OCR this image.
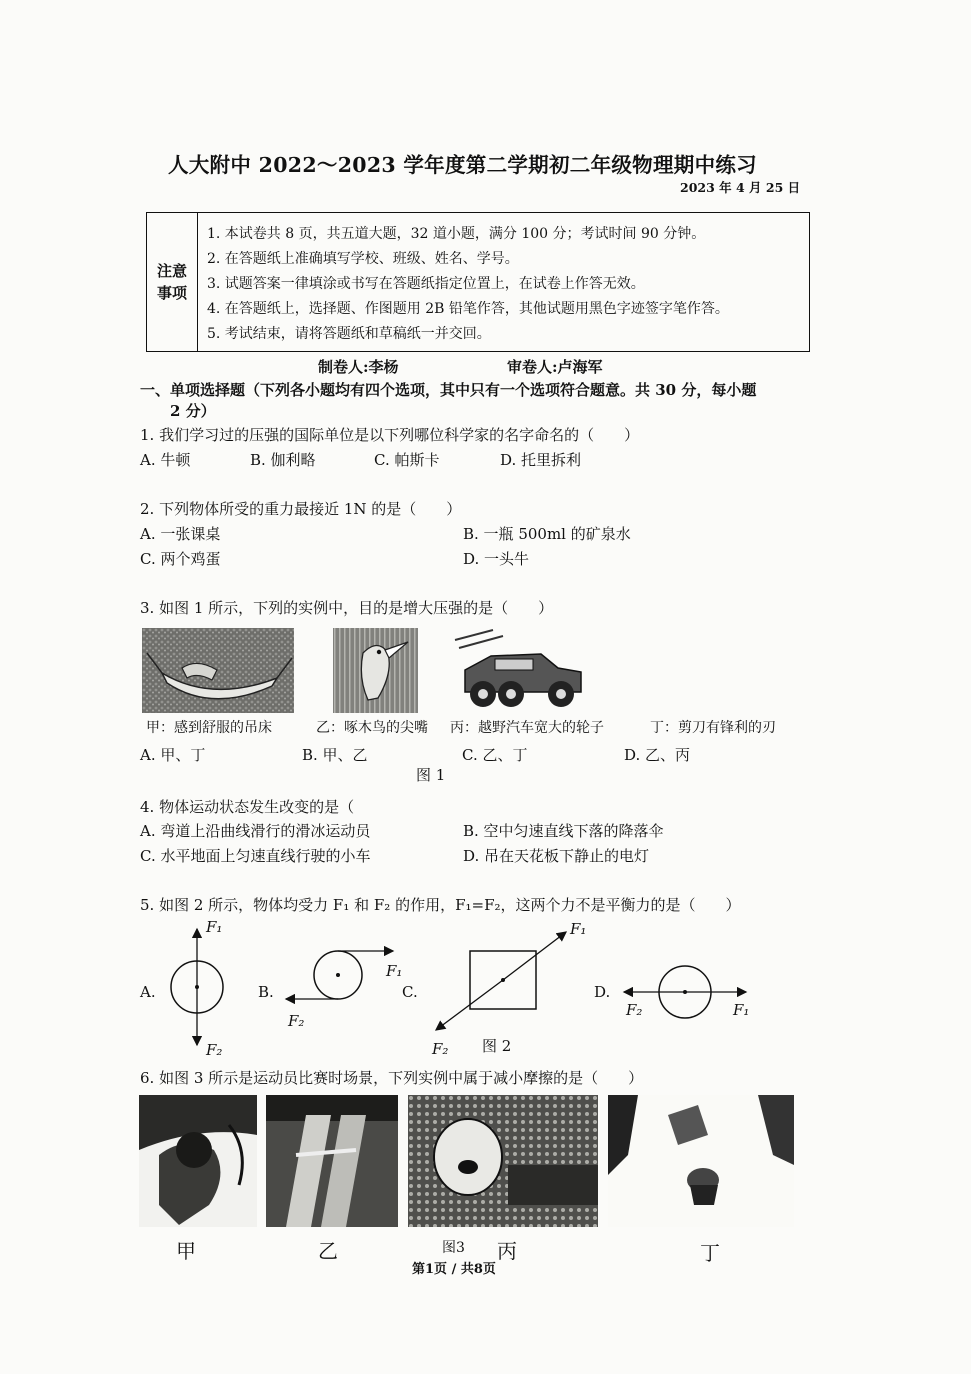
人大附中 2022～2023 学年度第二学期初二年级物理期中练习
2023 年 4 月 25 日
注意
事项
1. 本试卷共 8 页，共五道大题，32 道小题，满分 100 分；考试时间 90 分钟。
2. 在答题纸上准确填写学校、班级、姓名、学号。
3. 试题答案一律填涂或书写在答题纸指定位置上，在试卷上作答无效。
4. 在答题纸上，选择题、作图题用 2B 铅笔作答，其他试题用黑色字迹签字笔作答。
5. 考试结束，请将答题纸和草稿纸一并交回。
制卷人:李杨	审卷人:卢海军
一、单项选择题（下列各小题均有四个选项，其中只有一个选项符合题意。共 30 分，每小题
2 分）
1. 我们学习过的压强的国际单位是以下列哪位科学家的名字命名的（　　）
A. 牛顿	B. 伽利略	C. 帕斯卡	D. 托里拆利
2. 下列物体所受的重力最接近 1N 的是（　　）
A. 一张课桌	B. 一瓶 500ml 的矿泉水
C. 两个鸡蛋	D. 一头牛
3. 如图 1 所示，下列的实例中，目的是增大压强的是（　　）
甲：感到舒服的吊床	乙：啄木鸟的尖嘴 丙：越野汽车宽大的轮子	丁：剪刀有锋利的刃
A. 甲、丁	B. 甲、乙	C. 乙、丁	D. 乙、丙
图 1
4. 物体运动状态发生改变的是（
A. 弯道上沿曲线滑行的滑冰运动员	B. 空中匀速直线下落的降落伞
C. 水平地面上匀速直线行驶的小车	D. 吊在天花板下静止的电灯
5. 如图 2 所示，物体均受力 F₁ 和 F₂ 的作用，F₁=F₂，这两个力不是平衡力的是（　　）
A.	B.	C.	D.
F₁
F₂
F₁
F₂
F₁
F₂
F₂	F₁
图 2
6. 如图 3 所示是运动员比赛时场景，下列实例中属于减小摩擦的是（　　）
甲	乙	图3 丙	丁
第1页 / 共8页
